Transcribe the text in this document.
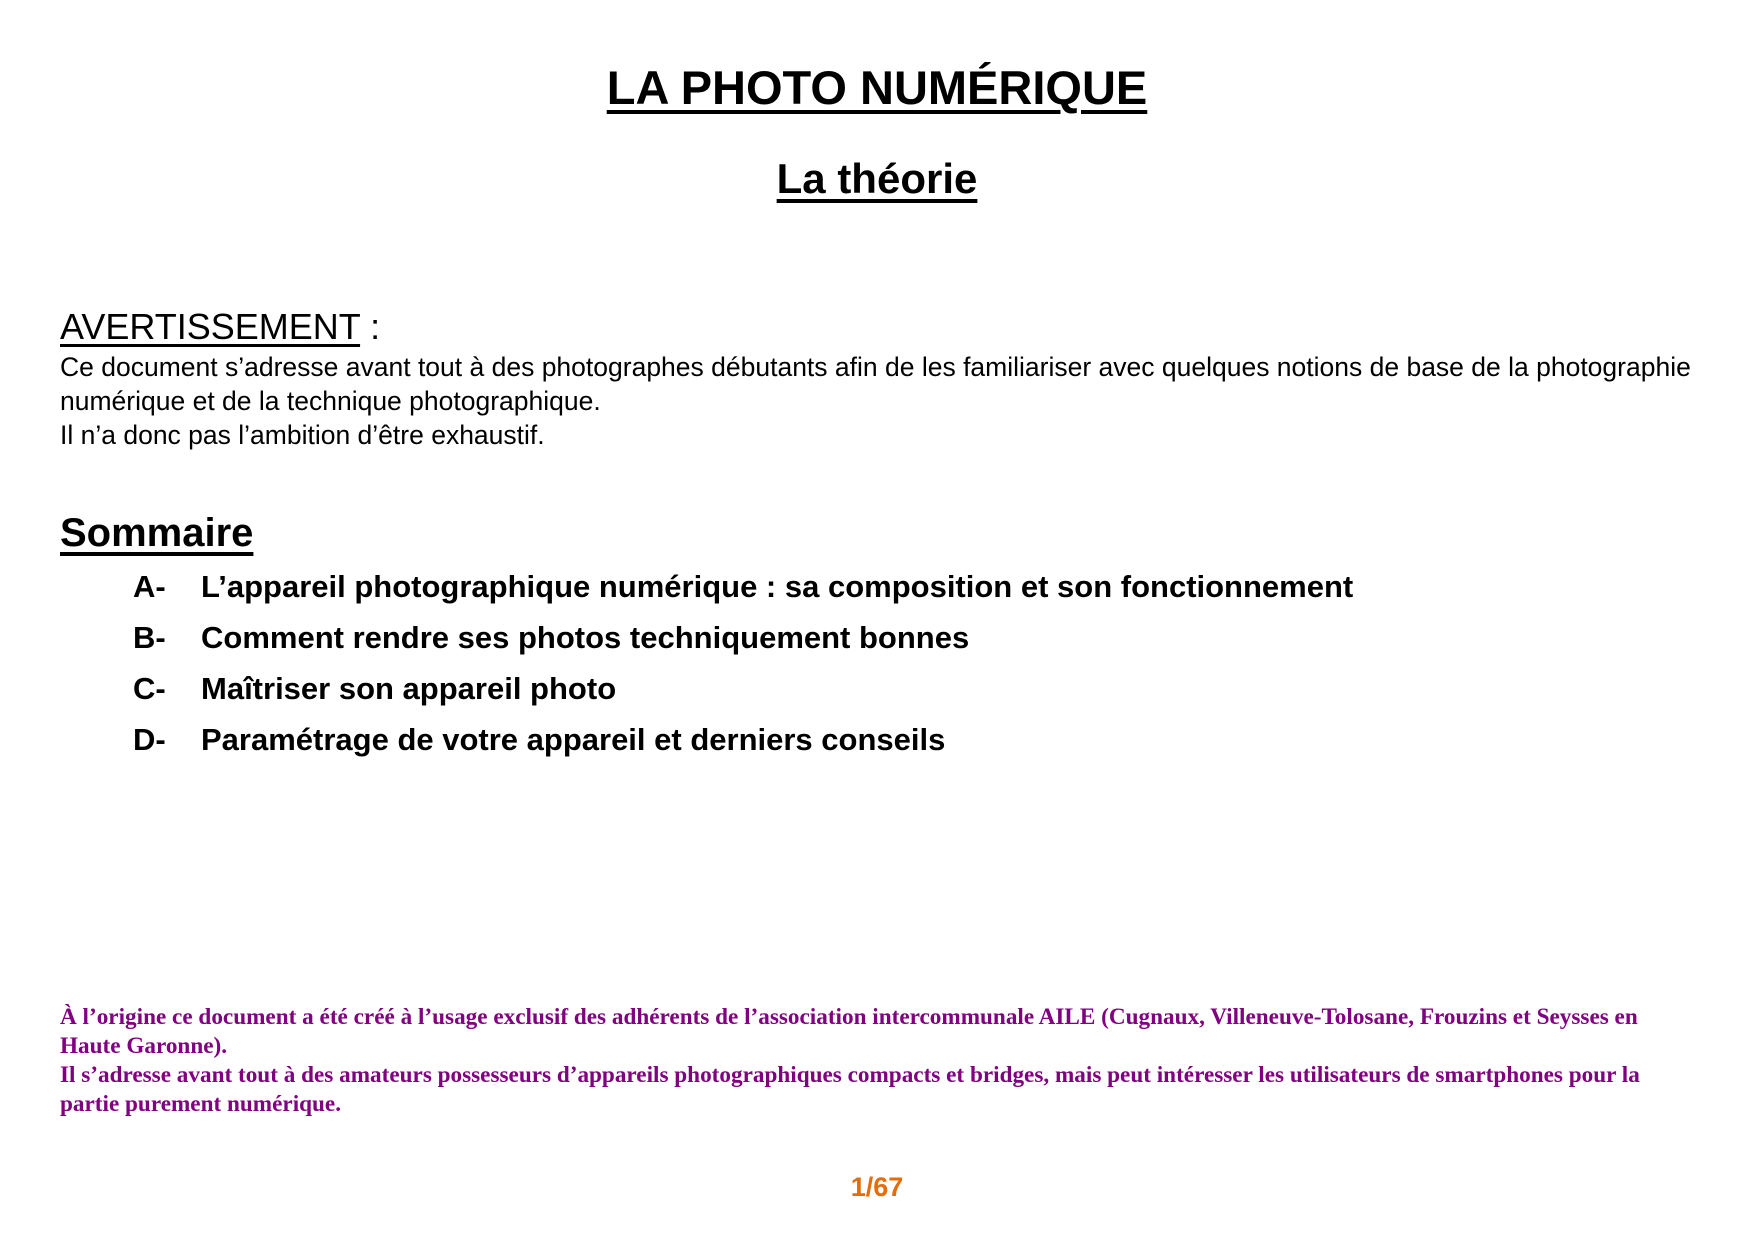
LA PHOTO NUMÉRIQUE
La théorie
AVERTISSEMENT :

Ce document s’adresse avant tout à des photographes débutants afin de les familiariser avec quelques notions de base de la photographie numérique et de la technique photographique.

Il n’a donc pas l’ambition d’être exhaustif.

Sommaire
A- L’appareil photographique numérique : sa composition et son fonctionnement
B- Comment rendre ses photos techniquement bonnes
C- Maîtriser son appareil photo
D- Paramétrage de votre appareil et derniers conseils

À l’origine ce document a été créé à l’usage exclusif des adhérents de l’association intercommunale AILE (Cugnaux, Villeneuve-Tolosane, Frouzins et Seysses en Haute Garonne).

Il s’adresse avant tout à des amateurs possesseurs d’appareils photographiques compacts et bridges, mais peut intéresser les utilisateurs de smartphones pour la partie purement numérique.

1/67
